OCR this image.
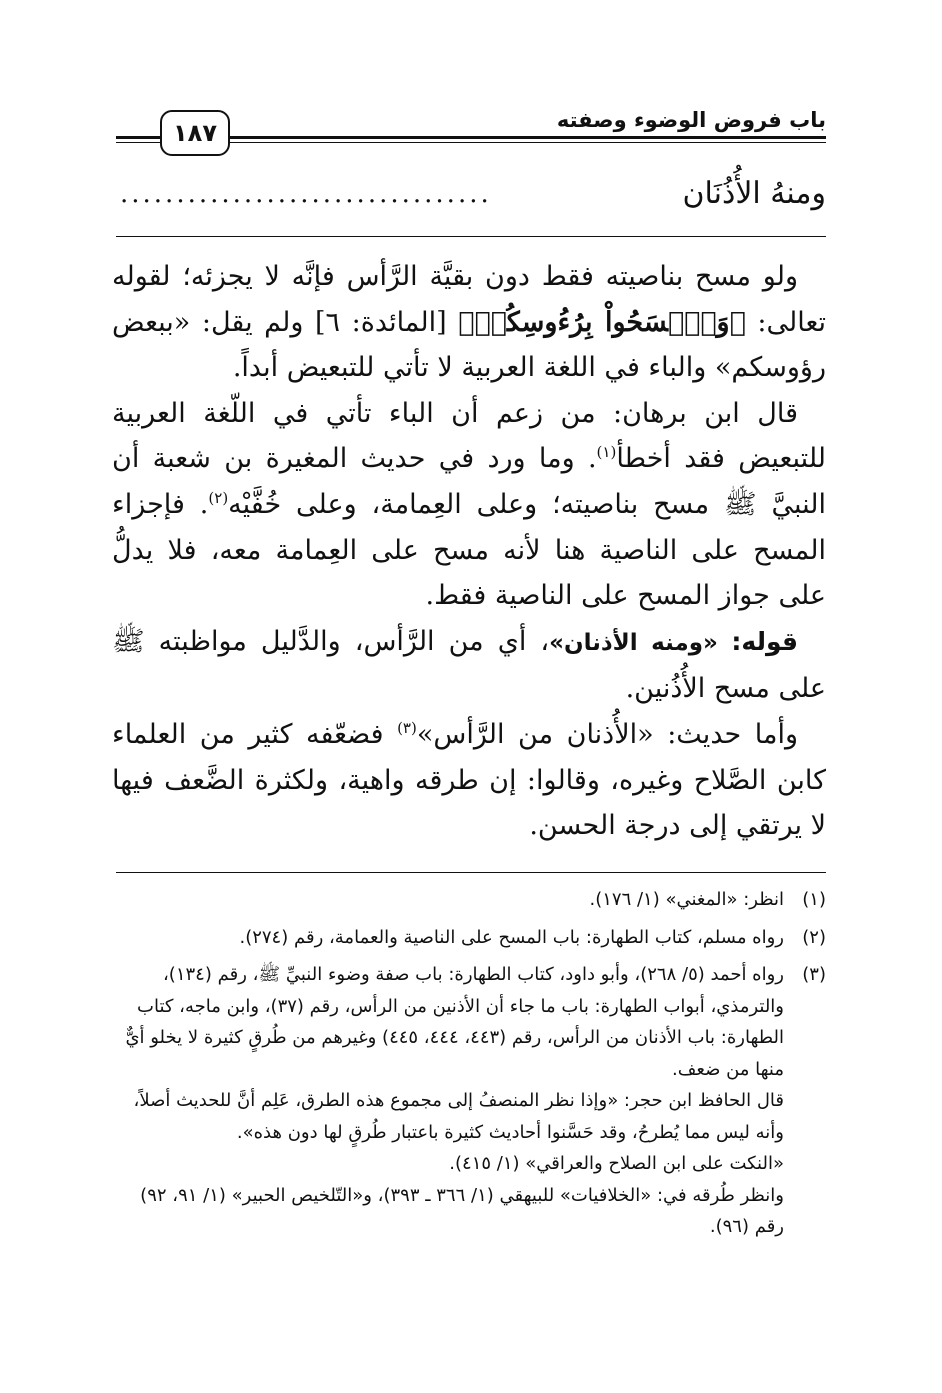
باب فروض الوضوء وصفته
١٨٧
ومنهُ الأُذُنَان
.................................

ولو مسح بناصيته فقط دون بقيَّة الرَّأس فإنَّه لا يجزئه؛ لقوله تعالى: ﴿وَٱمۡسَحُواْ بِرُءُوسِكُمۡ﴾ [المائدة: ٦] ولم يقل: «ببعض رؤوسكم» والباء في اللغة العربية لا تأتي للتبعيض أبداً.

قال ابن برهان: من زعم أن الباء تأتي في اللّغة العربية للتبعيض فقد أخطأ$^{(١)}$. وما ورد في حديث المغيرة بن شعبة أن النبيَّ ﷺ مسح بناصيته؛ وعلى العِمامة، وعلى خُفَّيْه$^{(٢)}$. فإجزاء المسح على الناصية هنا لأنه مسح على العِمامة معه، فلا يدلُّ على جواز المسح على الناصية فقط.

قوله: «ومنه الأذنان»، أي من الرَّأس، والدَّليل مواظبته ﷺ على مسح الأُذُنين.

وأما حديث: «الأُذنان من الرَّأس»$^{(٣)}$ فضعّفه كثير من العلماء كابن الصَّلاح وغيره، وقالوا: إن طرقه واهية، ولكثرة الضَّعف فيها لا يرتقي إلى درجة الحسن.

(١)

انظر: «المغني» (١/ ١٧٦).

(٢)

رواه مسلم، كتاب الطهارة: باب المسح على الناصية والعمامة، رقم (٢٧٤).

(٣)

رواه أحمد (٥/ ٢٦٨)، وأبو داود، كتاب الطهارة: باب صفة وضوء النبيِّ ﷺ، رقم (١٣٤)، والترمذي، أبواب الطهارة: باب ما جاء أن الأذنين من الرأس، رقم (٣٧)، وابن ماجه، كتاب الطهارة: باب الأذنان من الرأس، رقم (٤٤٣، ٤٤٤، ٤٤٥) وغيرهم من طُرقٍ كثيرة لا يخلو أيٌّ منها من ضعف.

قال الحافظ ابن حجر: «وإذا نظر المنصفُ إلى مجموع هذه الطرق، عَلِم أنَّ للحديث أصلاً، وأنه ليس مما يُطرحُ، وقد حَسَّنوا أحاديث كثيرة باعتبار طُرقٍ لها دون هذه».

«النكت على ابن الصلاح والعراقي» (١/ ٤١٥).

وانظر طُرقه في: «الخلافيات» للبيهقي (١/ ٣٦٦ ـ ٣٩٣)، و«التّلخيص الحبير» (١/ ٩١، ٩٢) رقم (٩٦).
